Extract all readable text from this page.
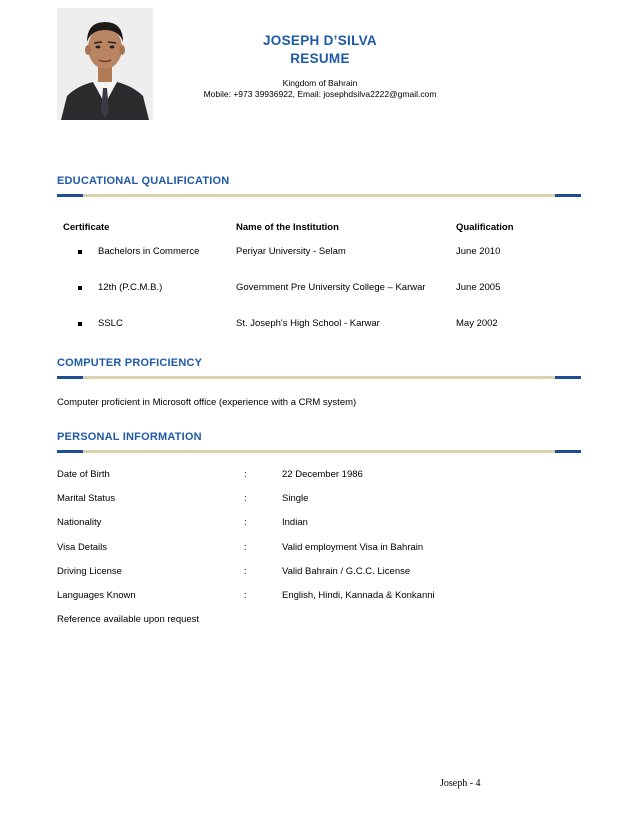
JOSEPH D’SILVA
RESUME
Kingdom of Bahrain
Mobile: +973 39936922, Email: josephdsilva2222@gmail.com
EDUCATIONAL QUALIFICATION
Certificate	Name of the Institution	Qualification
Bachelors in Commerce	Periyar University - Selam	June 2010
12th (P.C.M.B.)	Government Pre University College – Karwar	June 2005
SSLC	St. Joseph's High School - Karwar	May 2002
COMPUTER PROFICIENCY
Computer proficient in Microsoft office (experience with a CRM system)
PERSONAL INFORMATION
Date of Birth	:	22 December 1986
Marital Status	:	Single
Nationality	:	Indian
Visa Details	:	Valid employment Visa in Bahrain
Driving License	:	Valid Bahrain / G.C.C. License
Languages Known	:	English, Hindi, Kannada & Konkanni
Reference available upon request
Joseph - 4
